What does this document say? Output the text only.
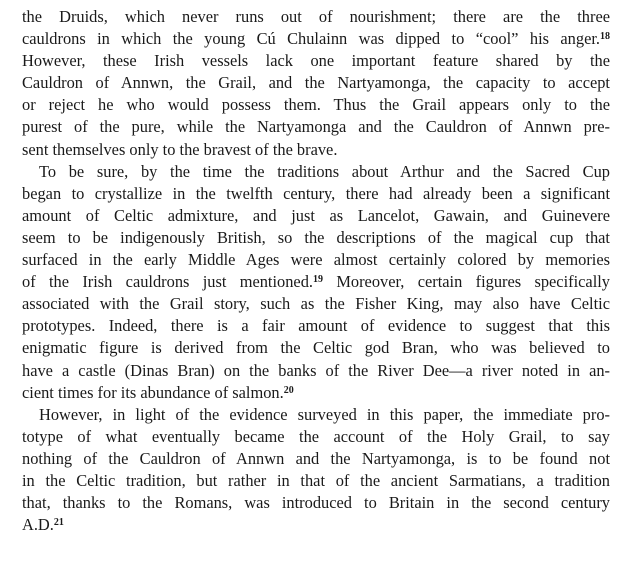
the Druids, which never runs out of nourishment; there are the three
cauldrons in which the young Cú Chulainn was dipped to “cool” his anger.$^{18}$
However, these Irish vessels lack one important feature shared by the
Cauldron of Annwn, the Grail, and the Nartyamonga, the capacity to accept
or reject he who would possess them. Thus the Grail appears only to the
purest of the pure, while the Nartyamonga and the Cauldron of Annwn pre-
sent themselves only to the bravest of the brave.
To be sure, by the time the traditions about Arthur and the Sacred Cup
began to crystallize in the twelfth century, there had already been a significant
amount of Celtic admixture, and just as Lancelot, Gawain, and Guinevere
seem to be indigenously British, so the descriptions of the magical cup that
surfaced in the early Middle Ages were almost certainly colored by memories
of the Irish cauldrons just mentioned.$^{19}$ Moreover, certain figures specifically
associated with the Grail story, such as the Fisher King, may also have Celtic
prototypes. Indeed, there is a fair amount of evidence to suggest that this
enigmatic figure is derived from the Celtic god Bran, who was believed to
have a castle (Dinas Bran) on the banks of the River Dee—a river noted in an-
cient times for its abundance of salmon.$^{20}$
However, in light of the evidence surveyed in this paper, the immediate pro-
totype of what eventually became the account of the Holy Grail, to say
nothing of the Cauldron of Annwn and the Nartyamonga, is to be found not
in the Celtic tradition, but rather in that of the ancient Sarmatians, a tradition
that, thanks to the Romans, was introduced to Britain in the second century
A.D.$^{21}$
